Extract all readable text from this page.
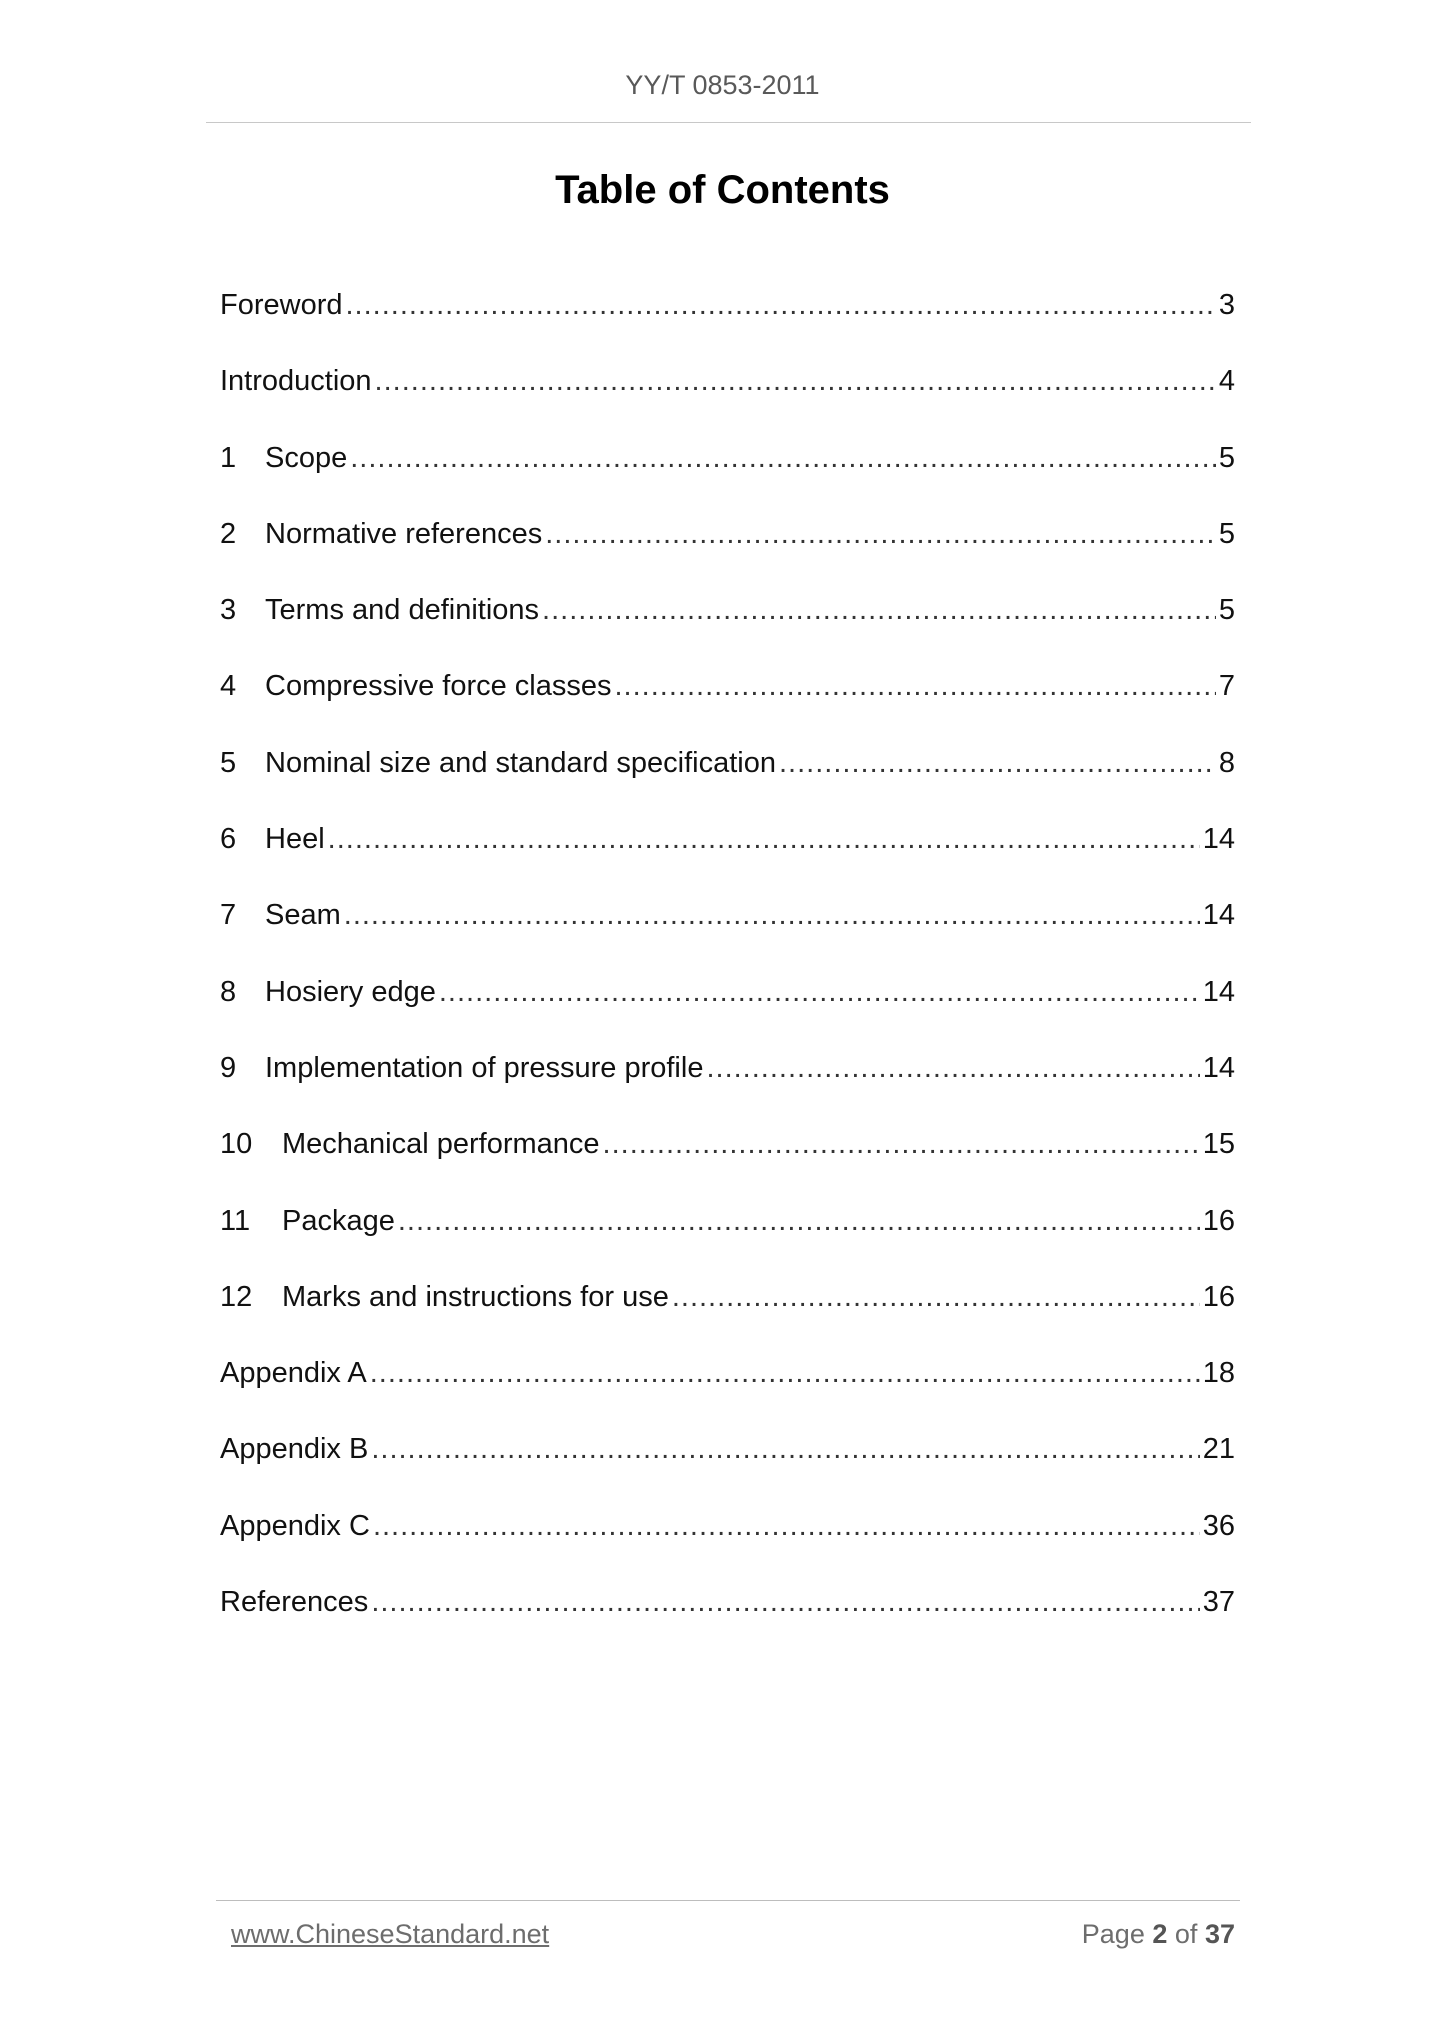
YY/T 0853-2011
Table of Contents
Foreword .....	3
Introduction .....	4
1 Scope .....	5
2 Normative references .....	5
3 Terms and definitions .....	5
4 Compressive force classes .....	7
5 Nominal size and standard specification .....	8
6 Heel .....	14
7 Seam .....	14
8 Hosiery edge .....	14
9 Implementation of pressure profile .....	14
10	Mechanical performance .....	15
11	Package .....	16
12	Marks and instructions for use .....	16
Appendix A .....	18
Appendix B .....	21
Appendix C .....	36
References .....	37
www.ChineseStandard.net	Page 2 of 37
